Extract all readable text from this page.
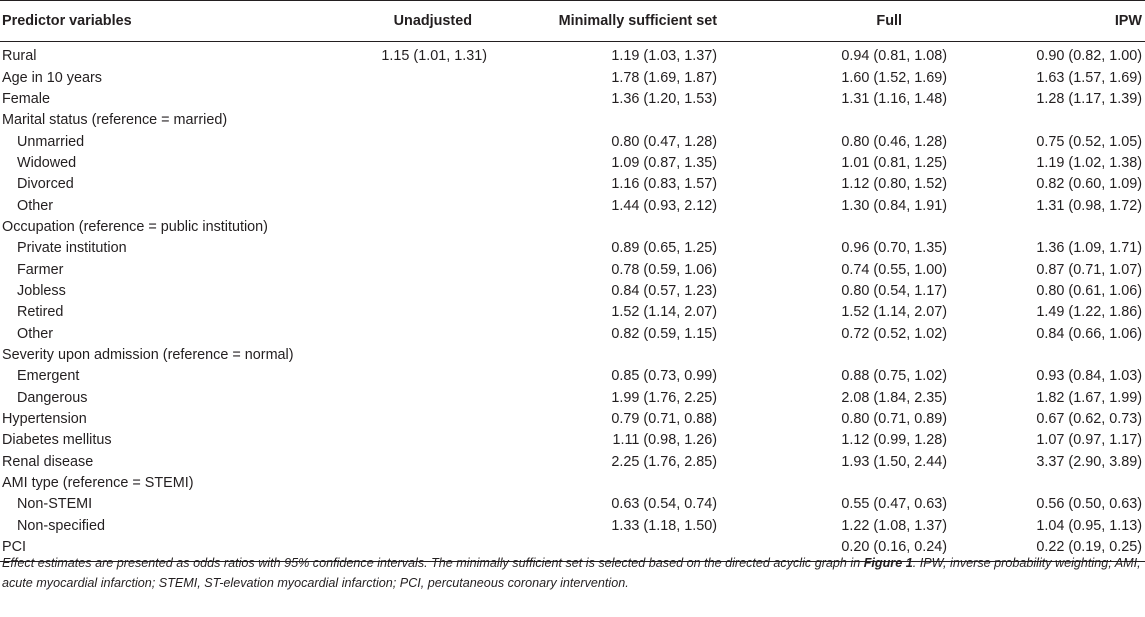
Predictor variables	Unadjusted	Minimally sufficient set	Full	IPW
Rural	1.15 (1.01, 1.31)	1.19 (1.03, 1.37)	0.94 (0.81, 1.08)	0.90 (0.82, 1.00)
Age in 10 years		1.78 (1.69, 1.87)	1.60 (1.52, 1.69)	1.63 (1.57, 1.69)
Female		1.36 (1.20, 1.53)	1.31 (1.16, 1.48)	1.28 (1.17, 1.39)
Marital status (reference = married)				
Unmarried		0.80 (0.47, 1.28)	0.80 (0.46, 1.28)	0.75 (0.52, 1.05)
Widowed		1.09 (0.87, 1.35)	1.01 (0.81, 1.25)	1.19 (1.02, 1.38)
Divorced		1.16 (0.83, 1.57)	1.12 (0.80, 1.52)	0.82 (0.60, 1.09)
Other		1.44 (0.93, 2.12)	1.30 (0.84, 1.91)	1.31 (0.98, 1.72)
Occupation (reference = public institution)				
Private institution		0.89 (0.65, 1.25)	0.96 (0.70, 1.35)	1.36 (1.09, 1.71)
Farmer		0.78 (0.59, 1.06)	0.74 (0.55, 1.00)	0.87 (0.71, 1.07)
Jobless		0.84 (0.57, 1.23)	0.80 (0.54, 1.17)	0.80 (0.61, 1.06)
Retired		1.52 (1.14, 2.07)	1.52 (1.14, 2.07)	1.49 (1.22, 1.86)
Other		0.82 (0.59, 1.15)	0.72 (0.52, 1.02)	0.84 (0.66, 1.06)
Severity upon admission (reference = normal)				
Emergent		0.85 (0.73, 0.99)	0.88 (0.75, 1.02)	0.93 (0.84, 1.03)
Dangerous		1.99 (1.76, 2.25)	2.08 (1.84, 2.35)	1.82 (1.67, 1.99)
Hypertension		0.79 (0.71, 0.88)	0.80 (0.71, 0.89)	0.67 (0.62, 0.73)
Diabetes mellitus		1.11 (0.98, 1.26)	1.12 (0.99, 1.28)	1.07 (0.97, 1.17)
Renal disease		2.25 (1.76, 2.85)	1.93 (1.50, 2.44)	3.37 (2.90, 3.89)
AMI type (reference = STEMI)				
Non-STEMI		0.63 (0.54, 0.74)	0.55 (0.47, 0.63)	0.56 (0.50, 0.63)
Non-specified		1.33 (1.18, 1.50)	1.22 (1.08, 1.37)	1.04 (0.95, 1.13)
PCI			0.20 (0.16, 0.24)	0.22 (0.19, 0.25)
Effect estimates are presented as odds ratios with 95% confidence intervals. The minimally sufficient set is selected based on the directed acyclic graph in Figure 1. IPW, inverse probability weighting; AMI, acute myocardial infarction; STEMI, ST-elevation myocardial infarction; PCI, percutaneous coronary intervention.
